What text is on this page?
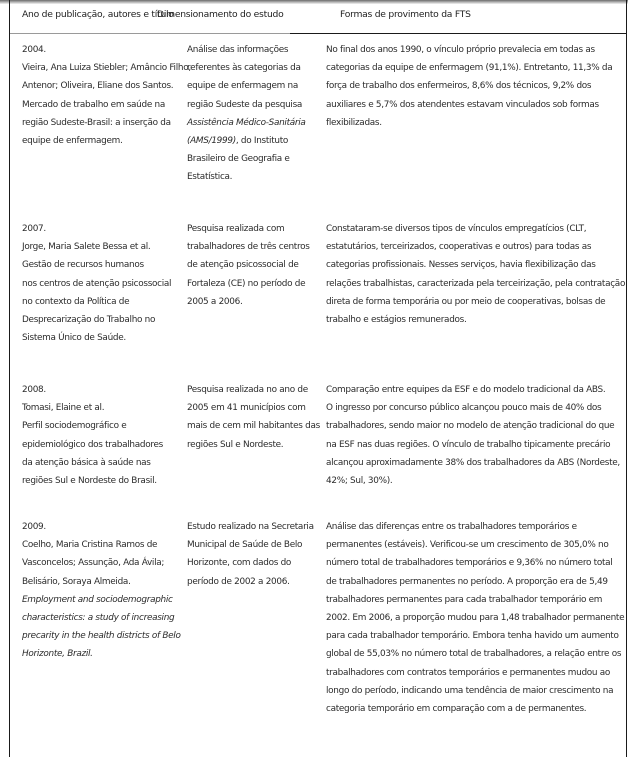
Ano de publicação, autores e título
Dimensionamento do estudo	Formas de provimento da FTS
2004.
Vieira, Ana Luiza Stiebler; Amâncio Filho,
Antenor; Oliveira, Eliane dos Santos.
Mercado de trabalho em saúde na
região Sudeste-Brasil: a inserção da
equipe de enfermagem.
Análise das informações
referentes às categorias da
equipe de enfermagem na
região Sudeste da pesquisa
Assistência Médico-Sanitária
(AMS/1999), do Instituto
Brasileiro de Geografia e
Estatística.
No final dos anos 1990, o vínculo próprio prevalecia em todas as
categorias da equipe de enfermagem (91,1%). Entretanto, 11,3% da
força de trabalho dos enfermeiros, 8,6% dos técnicos, 9,2% dos
auxiliares e 5,7% dos atendentes estavam vinculados sob formas
flexibilizadas.
2007.
Jorge, Maria Salete Bessa et al.
Gestão de recursos humanos
nos centros de atenção psicossocial
no contexto da Política de
Desprecarização do Trabalho no
Sistema Único de Saúde.
Pesquisa realizada com
trabalhadores de três centros
de atenção psicossocial de
Fortaleza (CE) no período de
2005 a 2006.
Constataram-se diversos tipos de vínculos empregatícios (CLT,
estatutários, terceirizados, cooperativas e outros) para todas as
categorias profissionais. Nesses serviços, havia flexibilização das
relações trabalhistas, caracterizada pela terceirização, pela contratação
direta de forma temporária ou por meio de cooperativas, bolsas de
trabalho e estágios remunerados.
2008.
Tomasi, Elaine et al.
Perfil sociodemográfico e
epidemiológico dos trabalhadores
da atenção básica à saúde nas
regiões Sul e Nordeste do Brasil.
Pesquisa realizada no ano de
2005 em 41 municípios com
mais de cem mil habitantes das
regiões Sul e Nordeste.
Comparação entre equipes da ESF e do modelo tradicional da ABS.
O ingresso por concurso público alcançou pouco mais de 40% dos
trabalhadores, sendo maior no modelo de atenção tradicional do que
na ESF nas duas regiões. O vínculo de trabalho tipicamente precário
alcançou aproximadamente 38% dos trabalhadores da ABS (Nordeste,
42%; Sul, 30%).
2009.
Coelho, Maria Cristina Ramos de
Vasconcelos; Assunção, Ada Ávila;
Belisário, Soraya Almeida.
Employment and sociodemographic
characteristics: a study of increasing
precarity in the health districts of Belo
Horizonte, Brazil.
Estudo realizado na Secretaria
Municipal de Saúde de Belo
Horizonte, com dados do
período de 2002 a 2006.
Análise das diferenças entre os trabalhadores temporários e
permanentes (estáveis). Verificou-se um crescimento de 305,0% no
número total de trabalhadores temporários e 9,36% no número total
de trabalhadores permanentes no período. A proporção era de 5,49
trabalhadores permanentes para cada trabalhador temporário em
2002. Em 2006, a proporção mudou para 1,48 trabalhador permanente
para cada trabalhador temporário. Embora tenha havido um aumento
global de 55,03% no número total de trabalhadores, a relação entre os
trabalhadores com contratos temporários e permanentes mudou ao
longo do período, indicando uma tendência de maior crescimento na
categoria temporário em comparação com a de permanentes.
